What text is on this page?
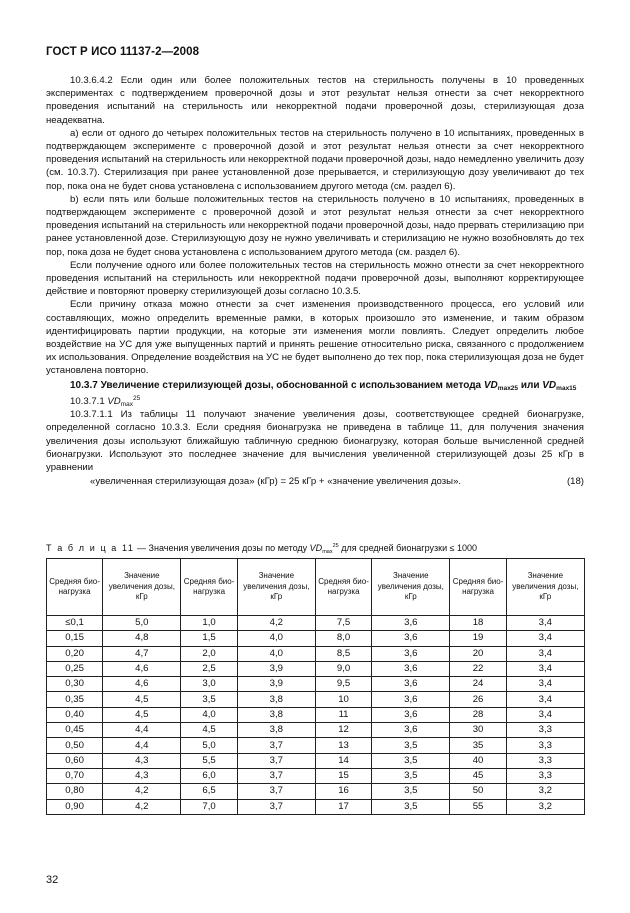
ГОСТ Р ИСО 11137-2—2008

10.3.6.4.2 Если один или более положительных тестов на стерильность получены в 10 проведенных экспериментах с подтверждением проверочной дозы и этот результат нельзя отнести за счет некорректного проведения испытаний на стерильность или некорректной подачи проверочной дозы, стерилизующая доза неадекватна.

a) если от одного до четырех положительных тестов на стерильность получено в 10 испытаниях, проведенных в подтверждающем эксперименте с проверочной дозой и этот результат нельзя отнести за счет некорректного проведения испытаний на стерильность или некорректной подачи проверочной дозы, надо немедленно увеличить дозу (см. 10.3.7). Стерилизация при ранее установленной дозе прерывается, и стерилизующую дозу увеличивают до тех пор, пока она не будет снова установлена с использованием другого метода (см. раздел 6).

b) если пять или больше положительных тестов на стерильность получено в 10 испытаниях, проведенных в подтверждающем эксперименте с проверочной дозой и этот результат нельзя отнести за счет некорректного проведения испытаний на стерильность или некорректной подачи проверочной дозы, надо прервать стерилизацию при ранее установленной дозе. Стерилизующую дозу не нужно увеличивать и стерилизацию не нужно возобновлять до тех пор, пока доза не будет снова установлена с использованием другого метода (см. раздел 6).

Если получение одного или более положительных тестов на стерильность можно отнести за счет некорректного проведения испытаний на стерильность или некорректной подачи проверочной дозы, выполняют корректирующее действие и повторяют проверку стерилизующей дозы согласно 10.3.5.

Если причину отказа можно отнести за счет изменения производственного процесса, его условий или составляющих, можно определить временные рамки, в которых произошло это изменение, и таким образом идентифицировать партии продукции, на которые эти изменения могли повлиять. Следует определить любое воздействие на УС для уже выпущенных партий и принять решение относительно риска, связанного с продолжением их использования. Определение воздействия на УС не будет выполнено до тех пор, пока стерилизующая доза не будет установлена повторно.

10.3.7 Увеличение стерилизующей дозы, обоснованной с использованием метода $VD_{max25}$ или $VD_{max15}$

10.3.7.1 $VD_{max}^{25}$

10.3.7.1.1 Из таблицы 11 получают значение увеличения дозы, соответствующее средней бионагрузке, определенной согласно 10.3.3. Если средняя бионагрузка не приведена в таблице 11, для получения значения увеличения дозы используют ближайшую табличную среднюю бионагрузку, которая больше вычисленной средней бионагрузки. Используют это последнее значение для вычисления увеличенной стерилизующей дозы 25 кГр в уравнении

«увеличенная стерилизующая доза» (кГр) = 25 кГр + «значение увеличения дозы».	(18)
Т а б л и ц а 11 — Значения увеличения дозы по методу $VD_{max}^{25}$ для средней бионагрузки ≤ 1000
Средняя био-нагрузка	Значение увеличения дозы, кГр	Средняя био-нагрузка	Значение увеличения дозы, кГр	Средняя био-нагрузка	Значение увеличения дозы, кГр	Средняя био-нагрузка	Значение увеличения дозы, кГр
≤0,1	5,0	1,0	4,2	7,5	3,6	18	3,4
0,15	4,8	1,5	4,0	8,0	3,6	19	3,4
0,20	4,7	2,0	4,0	8,5	3,6	20	3,4
0,25	4,6	2,5	3,9	9,0	3,6	22	3,4
0,30	4,6	3,0	3,9	9,5	3,6	24	3,4
0,35	4,5	3,5	3,8	10	3,6	26	3,4
0,40	4,5	4,0	3,8	11	3,6	28	3,4
0,45	4,4	4,5	3,8	12	3,6	30	3,3
0,50	4,4	5,0	3,7	13	3,5	35	3,3
0,60	4,3	5,5	3,7	14	3,5	40	3,3
0,70	4,3	6,0	3,7	15	3,5	45	3,3
0,80	4,2	6,5	3,7	16	3,5	50	3,2
0,90	4,2	7,0	3,7	17	3,5	55	3,2
32
